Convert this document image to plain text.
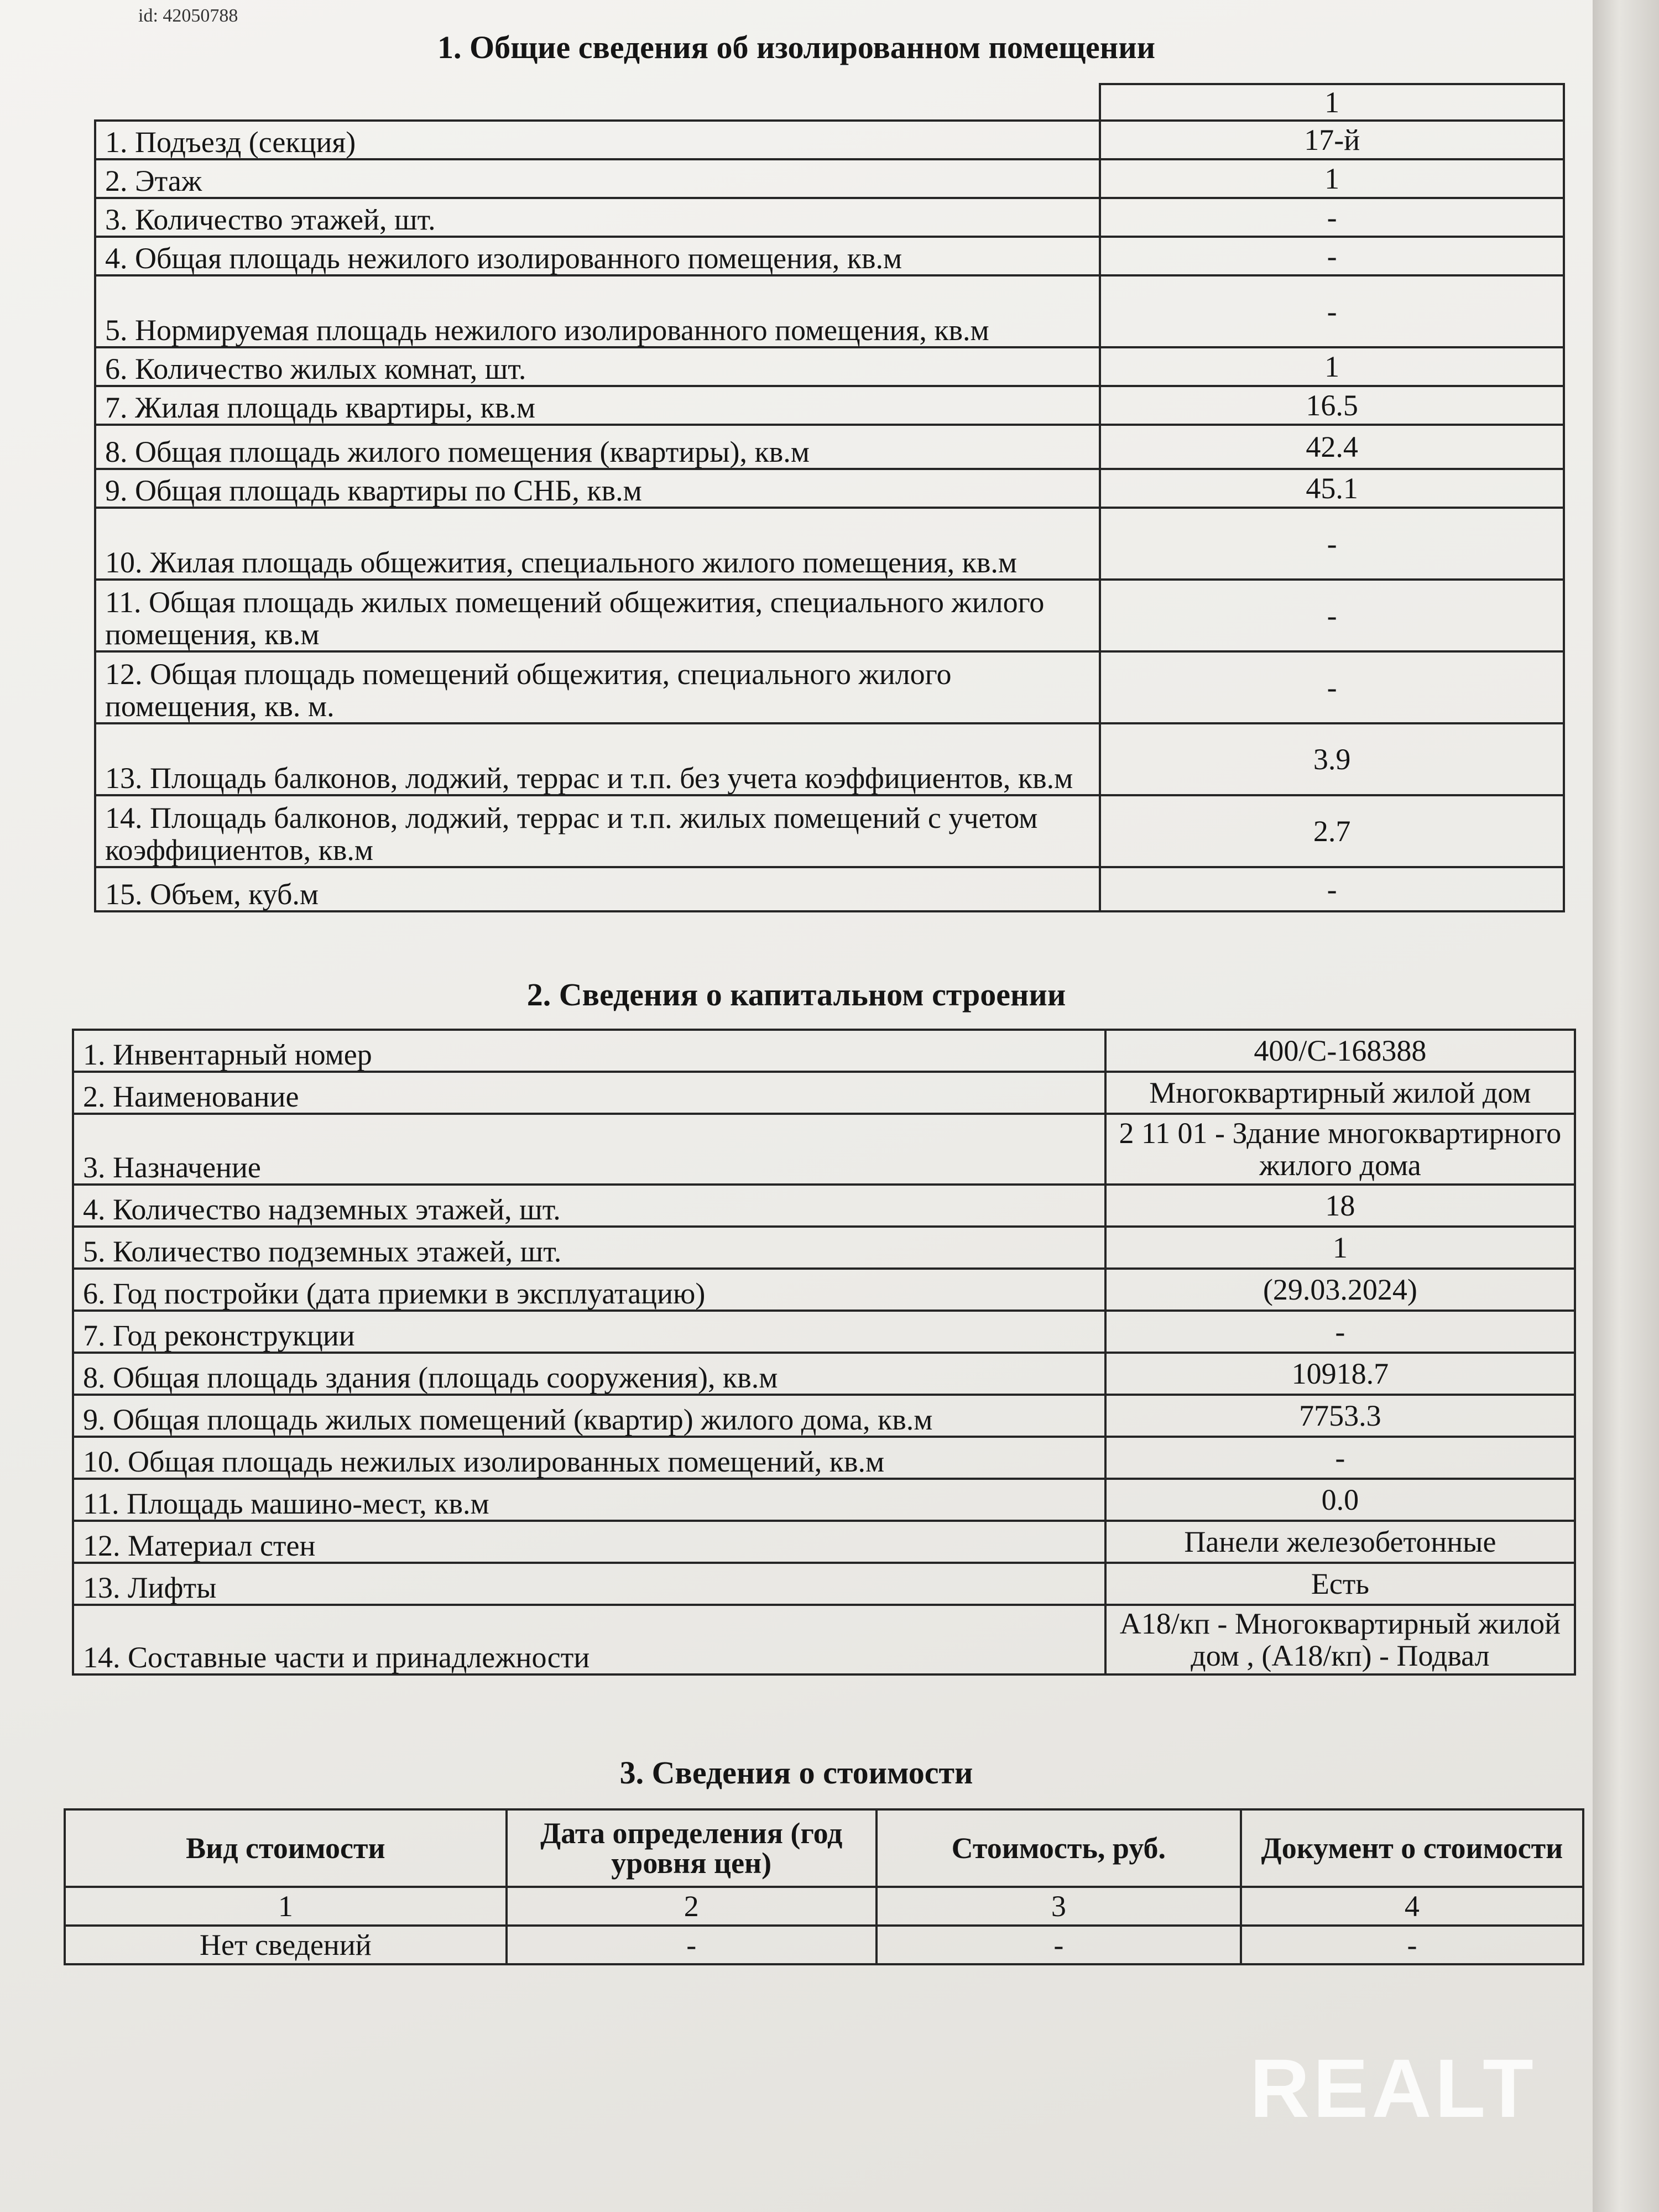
id: 42050788
1. Общие сведения об изолированном помещении
	1
1. Подъезд (секция)	17-й
2. Этаж	1
3. Количество этажей, шт.	-
4. Общая площадь нежилого изолированного помещения, кв.м	-
5. Нормируемая площадь нежилого изолированного помещения, кв.м	-
6. Количество жилых комнат, шт.	1
7. Жилая площадь квартиры, кв.м	16.5
8. Общая площадь жилого помещения (квартиры), кв.м	42.4
9. Общая площадь квартиры по СНБ, кв.м	45.1
10. Жилая площадь общежития, специального жилого помещения, кв.м	-
11. Общая площадь жилых помещений общежития, специального жилого помещения, кв.м	-
12. Общая площадь помещений общежития, специального жилого помещения, кв. м.	-
13. Площадь балконов, лоджий, террас и т.п. без учета коэффициентов, кв.м	3.9
14. Площадь балконов, лоджий, террас и т.п. жилых помещений с учетом коэффициентов, кв.м	2.7
15. Объем, куб.м	-
2. Сведения о капитальном строении
1. Инвентарный номер	400/С-168388
2. Наименование	Многоквартирный жилой дом
3. Назначение	2 11 01 - Здание многоквартирного жилого дома
4. Количество надземных этажей, шт.	18
5. Количество подземных этажей, шт.	1
6. Год постройки (дата приемки в эксплуатацию)	(29.03.2024)
7. Год реконструкции	-
8. Общая площадь здания (площадь сооружения), кв.м	10918.7
9. Общая площадь жилых помещений (квартир) жилого дома, кв.м	7753.3
10. Общая площадь нежилых изолированных помещений, кв.м	-
11. Площадь машино-мест, кв.м	0.0
12. Материал стен	Панели железобетонные
13. Лифты	Есть
14. Составные части и принадлежности	А18/кп - Многоквартирный жилой дом , (А18/кп) - Подвал
3. Сведения о стоимости
Вид стоимости	Дата определения (год уровня цен)	Стоимость, руб.	Документ о стоимости
1	2	3	4
Нет сведений	-	-	-
REALT
